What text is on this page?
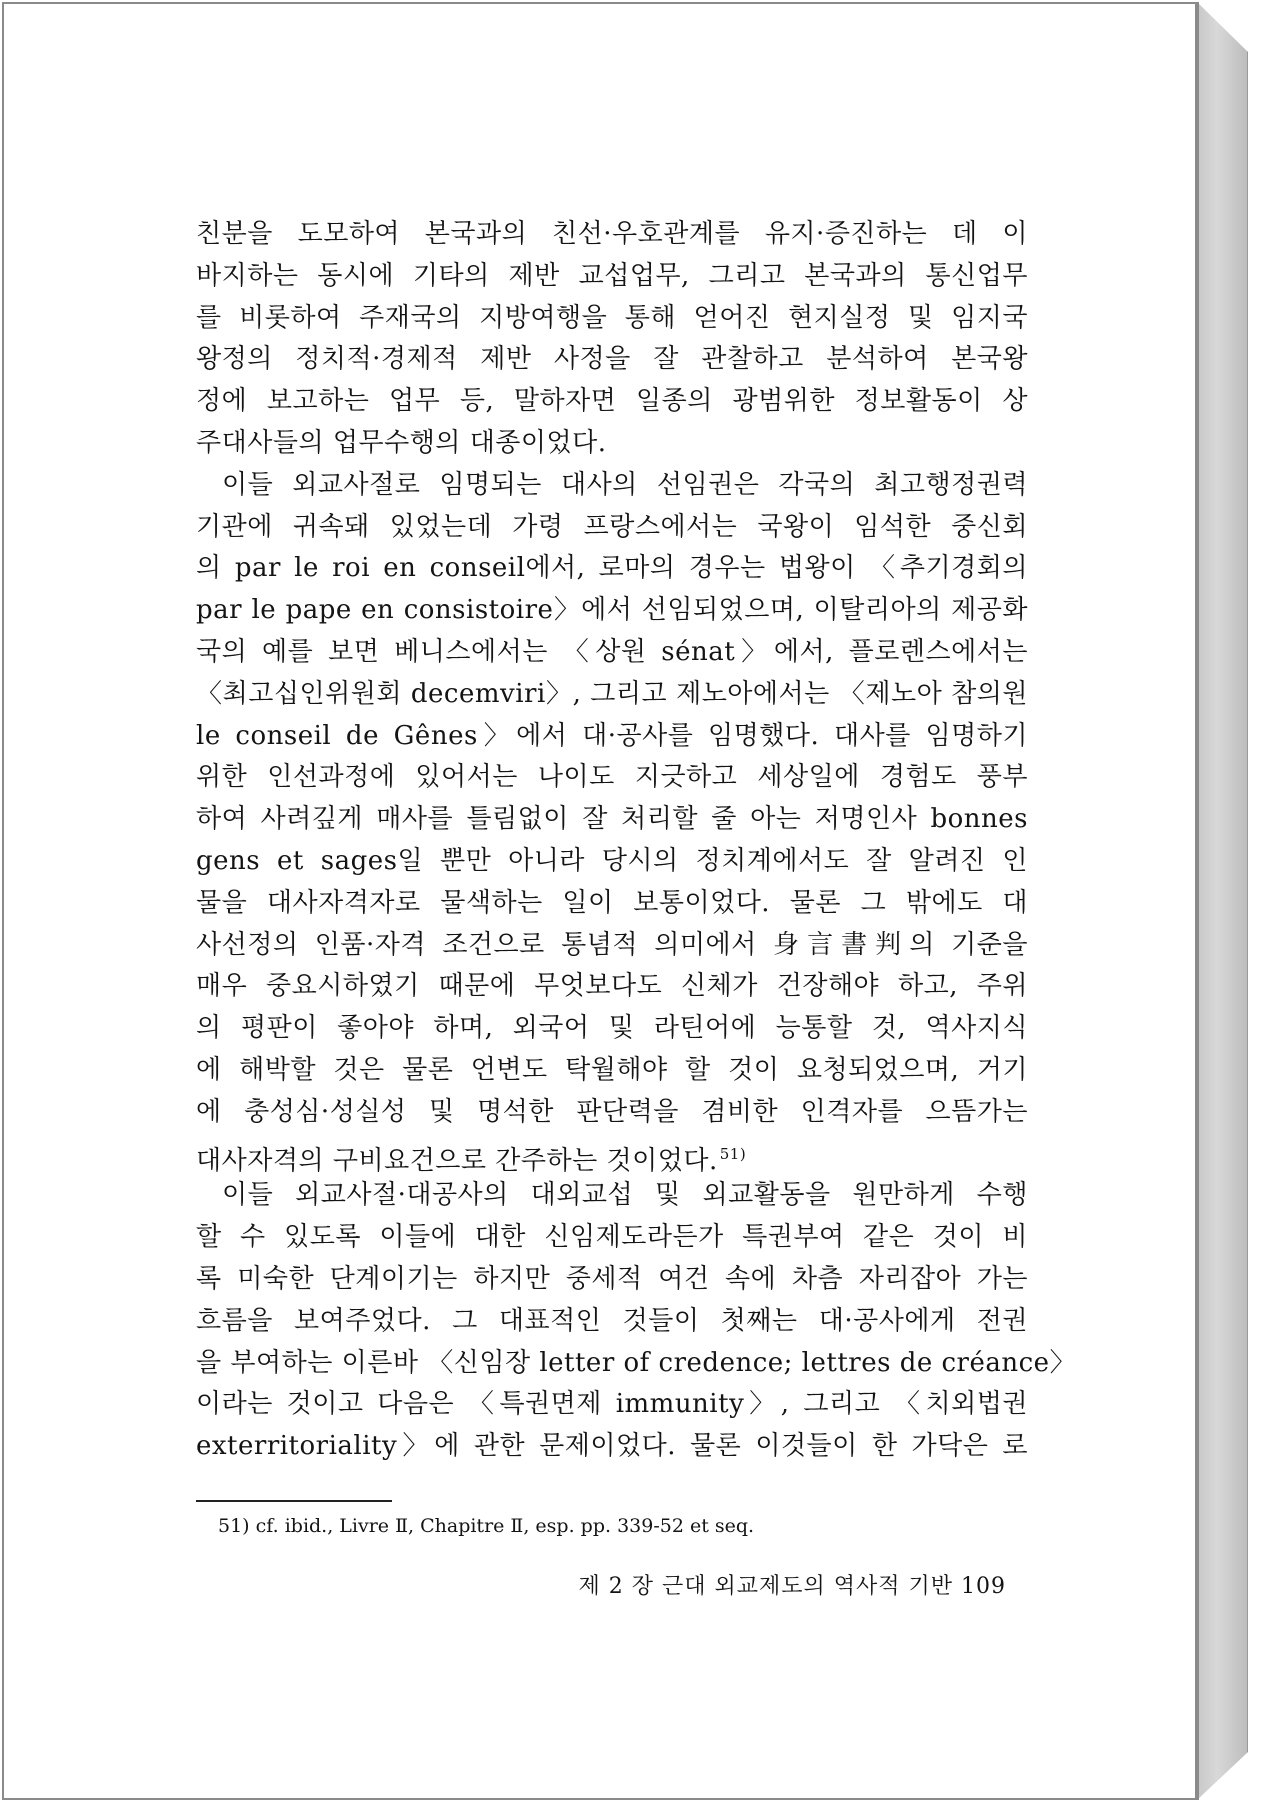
친분을 도모하여 본국과의 친선·우호관계를 유지·증진하는 데 이
바지하는 동시에 기타의 제반 교섭업무, 그리고 본국과의 통신업무
를 비롯하여 주재국의 지방여행을 통해 얻어진 현지실정 및 임지국
왕정의 정치적·경제적 제반 사정을 잘 관찰하고 분석하여 본국왕
정에 보고하는 업무 등, 말하자면 일종의 광범위한 정보활동이 상
주대사들의 업무수행의 대종이었다.
이들 외교사절로 임명되는 대사의 선임권은 각국의 최고행정권력
기관에 귀속돼 있었는데 가령 프랑스에서는 국왕이 임석한 중신회
의 par le roi en conseil에서, 로마의 경우는 법왕이 〈추기경회의
par le pape en consistoire〉에서 선임되었으며, 이탈리아의 제공화
국의 예를 보면 베니스에서는 〈상원 sénat〉에서, 플로렌스에서는
〈최고십인위원회 decemviri〉, 그리고 제노아에서는 〈제노아 참의원
le conseil de Gênes〉에서 대·공사를 임명했다. 대사를 임명하기
위한 인선과정에 있어서는 나이도 지긋하고 세상일에 경험도 풍부
하여 사려깊게 매사를 틀림없이 잘 처리할 줄 아는 저명인사 bonnes
gens et sages일 뿐만 아니라 당시의 정치계에서도 잘 알려진 인
물을 대사자격자로 물색하는 일이 보통이었다. 물론 그 밖에도 대
사선정의 인품·자격 조건으로 통념적 의미에서 身言書判의 기준을
매우 중요시하였기 때문에 무엇보다도 신체가 건장해야 하고, 주위
의 평판이 좋아야 하며, 외국어 및 라틴어에 능통할 것, 역사지식
에 해박할 것은 물론 언변도 탁월해야 할 것이 요청되었으며, 거기
에 충성심·성실성 및 명석한 판단력을 겸비한 인격자를 으뜸가는
대사자격의 구비요건으로 간주하는 것이었다. $^{51)}$
이들 외교사절·대공사의 대외교섭 및 외교활동을 원만하게 수행
할 수 있도록 이들에 대한 신임제도라든가 특권부여 같은 것이 비
록 미숙한 단계이기는 하지만 중세적 여건 속에 차츰 자리잡아 가는
흐름을 보여주었다. 그 대표적인 것들이 첫째는 대·공사에게 전권
을 부여하는 이른바 〈신임장 letter of credence; lettres de créance〉
이라는 것이고 다음은 〈특권면제 immunity〉, 그리고 〈치외법권
exterritoriality〉에 관한 문제이었다. 물론 이것들이 한 가닥은 로
51) cf. ibid., Livre Ⅱ, Chapitre Ⅱ, esp. pp. 339-52 et seq.
제 2 장 근대 외교제도의 역사적 기반 109
